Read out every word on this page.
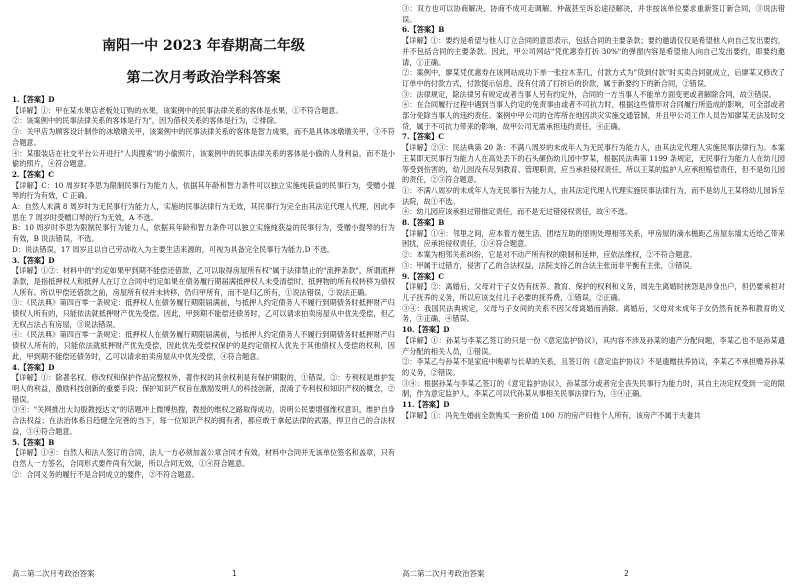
南阳一中 2023 年春期高二年级
第二次月考政治学科答案

1.【答案】D

【详解】①：甲在某水果店老板处订购的水果，该案例中的民事法律关系的客体是水果，①不符合题意。

②：该案例中的民事法律关系的客体是行为"，因为借权关系的客体是行为，②排除。

③：关甲店为顾客设计制作的冰墩墩关甲，该案例中的民事法律关系的客体是智力成果，而不是具体冰墩墩关甲，③不符合题意。

④：某服装店在社交平台公开进行"人肉搜索"的小偷照片，该案例中的民事法律关系的客体是小偷的人身利益，而不是小偷的照片，④符合题意。

2.【答案】C

【详解】C：10 周岁时李思为限制民事行为能力人，依据其年龄和智力条件可以独立实施纯获益的民事行为，受赠小提琴的行为有效，C 正确。

A：自然人未满 8 周岁时为无民事行为能力人，实施的民事法律行为无效，其民事行为完全由其法定代理人代理，因此李思在 7 周岁时受赠口琴的行为无效，A 不选。

B：10 周岁时李思为限制民事行为能力人，依据其年龄和智力条件可以独立实施纯获益的民事行为，受赠小提琴的行为有效，B 说法错误，不选。

D：说法错误，17 周岁且以自己劳动收入为主要生活来源的，可视为具备完全民事行为能力,D 不选。

3.【答案】D

【详解】①②：材料中的"约定如果甲到期不能偿还借款，乙可以取得房屋所有权"属于法律禁止的"流押条款"，所谓流押条款，是指抵押权人和抵押人在订立合同中约定如果在债务履行期届满抵押权人未受清偿时，抵押物的所有权转移为债权人所有。所以甲偿还借款之前，房屋所有权并未转移，仍归甲所有，而不是归乙所有，①说法错误，②说法正确。

③：《民法典》第四百零一条规定：抵押权人在债务履行期限届满前，与抵押人约定债务人不履行到期债务时抵押财产归债权人所有的，只能依法就抵押财产优先受偿。因此，甲到期不能偿还债务时，乙可以请求拍卖房屋从中优先受偿，但乙无权占法占有房屋，③说法错误。

④：《民法典》第四百零一条规定：抵押权人在债务履行期限届满前，与抵押人约定债务人不履行到期债务时抵押财产归债权人所有的，只能依法就抵押财产优先受偿，因此优先受偿权保护的是约定债权人优先于其他债权人受偿的权利，因此，甲到期不能偿还债务时，乙可以请求拍卖房屋从中优先受偿，④符合题意。

4.【答案】D

【详解】①：除著名权、修改权和保护作品完整权外，著作权的其余权利是有保护期限的，①错误。②：专利权是维护发明人的利益，激励科技创新的重要手段；保护知识产权旨在激励发明人的科技创新，混淆了专利权和知识产权的概念，②错误。

③④："关网推出大勾殷教授达文"的话题冲上微博热搜，教授的维权之路取得成功，说明公民要增强维权意识，维护自身合法权益；在法治体系日趋健全完善的当下，每一位知识产权的拥有者，都应敢于拿起法律的武器，捍卫自己的合法权益，③④符合题意。

5.【答案】B

【详解】①④：自然人和法人签订的合同，法人一方必须加盖公章合同才有效，材料中合同并无该单位签名和盖章，只有自然人一方签名，合同形式要件尚有欠缺，所以合同无效，①④符合题意。

②：合同义务的履行不是合同成立的要件，②不符合题意。

③：双方也可以协商解决，协商不成可走调解、仲裁甚至诉讼途径解决，并非按该单位要求重新签订新合同，③说法错误。

6.【答案】B

【详解】①：要约是希望与他人订立合同的意思表示，包括合同的主要条款；要约邀请仅仅是希望他人向自己发出要约，并不包括合同的主要条款。因此，甲公司网站"凭优惠券打折 30%"的弹窗内容是希望他人向自己发出要约，即要约邀请，①正确。

②：案例中，廖某凭优惠券在该网站成功下单一张拉木茶几，付款方式为"货到付款"时买卖合同就成立，后廖某又修改了订单中的付款方式，付款提示信息，没有付清了打折后的价款，属于新要约下的新合同，②错误。

③：法律规定，除法律另有规定或者当事人另有约定外，合同的一方当事人不能单方面变更或者解除合同，故③错误。

④：在合同履行过程中遇到当事人约定的免责事由或者不可抗力时，根据这些情形对合同履行所造成的影响，可全部或者部分免除当事人的违约责任。案例中甲公司的仓库所在地因洪灾实施交通管制，并且甲公司工作人员告知廖某无法及时交货，属于不可抗力带来的影响，故甲公司无需承担违约责任，④正确。

7.【答案】C

【详解】②③：民法典第 20 条：不满八周岁的未成年人为无民事行为能力人，由其法定代理人实施民事法律行为。本案王某即无民事行为能力人在高处丢下的石头砸伤幼儿园中罗某，根据民法典第 1199 条规定，无民事行为能力人在幼儿园等受到伤害的，幼儿园没有尽到教育、管理职责，应当承担侵权责任，所以王某的监护人应承担赔偿责任，但不是幼儿园的责任，②③符合题意。

①：不满八周岁的未成年人为无民事行为能力人，由其法定代理人代理实施民事法律行为，而不是幼儿王某将幼儿园诉至法院，故①不选。

④：幼儿园应该承担过错推定责任，而不是无过错侵权责任，故④不选。

8.【答案】B

【详解】①④：邻里之间，应本着方便生活、团结互助的原则处理相邻关系，甲房屋的滴水檐距乙房屋东墙太近给乙带来困扰，应承担侵权责任，①④符合题意。

②：本案为相邻关系纠纷，它是对不动产所有权的限制和延伸，应依法维权，②不符合题意。

③：甲属于过错方，侵害了乙的合法权益，法院支持乙的合法主张而非平衡有主张，③错误。

9.【答案】C

【详解】②：离婚后，父母对于子女仍有抚养、教育、保护的权利和义务，周先生离婚时挟怨是涉身出户，但仍要承担对儿子抚养的义务，所以应该支付儿子必要的抚养费，①错误，②正确。

③④：我国民法典规定，父母与子女间的关系不因父母离婚而消除。离婚后，父母对未成年子女仍然有抚养和教育的义务，③正确，④错误。

10.【答案】D

【详解】①：孙某与李某乙签订的只是一份《意定监护协议》，其内容不涉及孙某的遗产分配问题，李某乙也不是孙某遗产分配的相关人员，①错误。

②：李某乙与孙某不是家庭中晚辈与长辈的关系，且签订的《意定监护协议》不是遗赠扶养协议，李某乙不承担赡养孙某的义务，②错误。

③④：根据孙某与李某乙签订的《意定监护协议》，孙某部分或者完全丧失民事行为能力时，其自主决定权受到一定的限制，作为意定监护人，李某乙可以代孙某从事相关民事法律行为，③④正确。

11.【答案】D

【详解】①：冯先生婚前全款购买一套价值 100 万的房产归他个人所有，该房产不属于夫妻共

高二第二次月考政治答案	1	高二第二次月考政治答案	2
